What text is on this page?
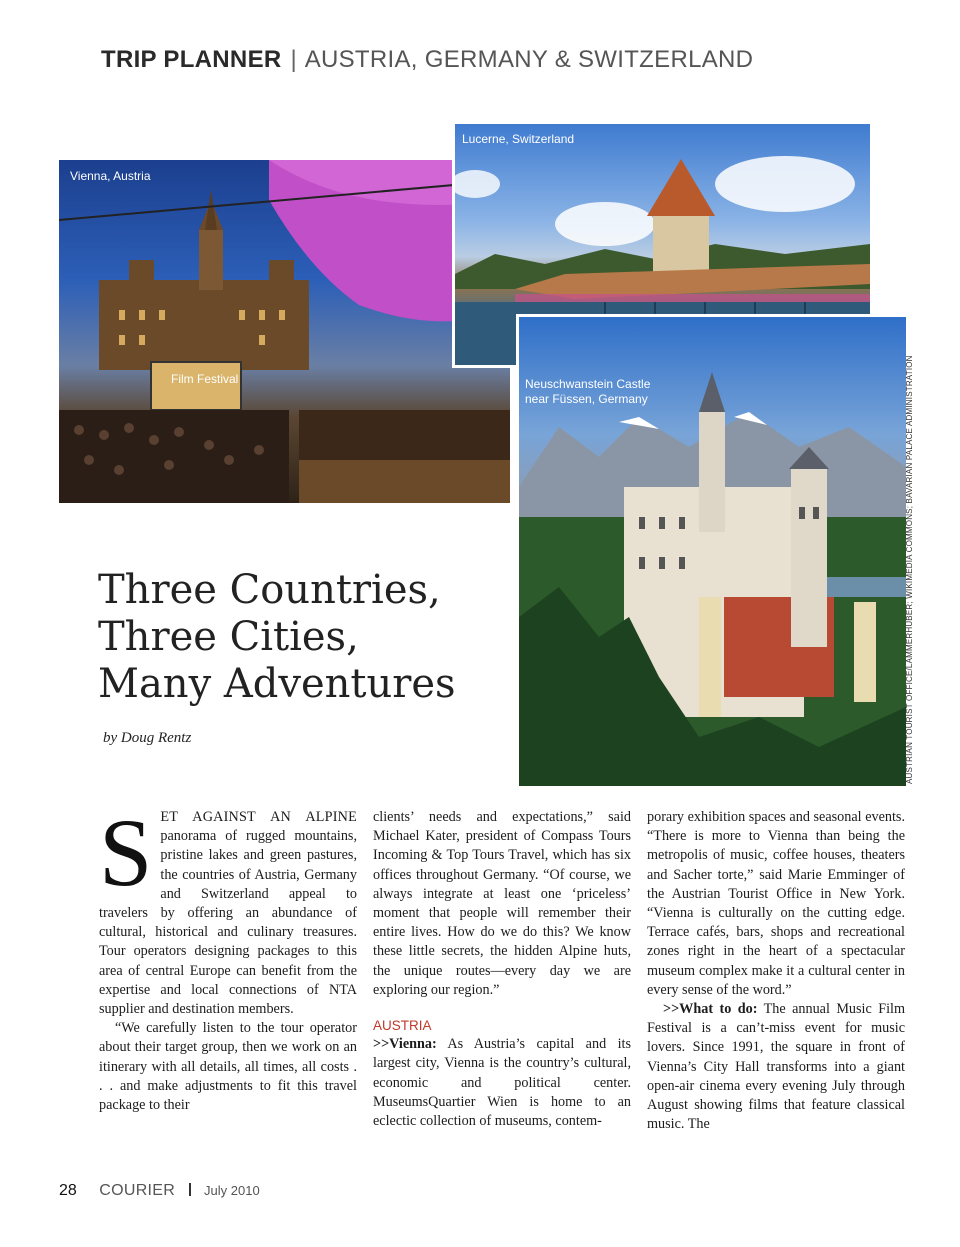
TRIP PLANNER | AUSTRIA, GERMANY & SWITZERLAND
Vienna, Austria
Film Festival
Lucerne, Switzerland
Neuschwanstein Castle
near Füssen, Germany	AUSTRIAN TOURIST OFFICE/LAMMERHUBER; WIKIMEDIA COMMONS; BAVARIAN PALACE ADMINISTRATION
Three Countries,
Three Cities,
Many Adventures
by Doug Rentz

SET AGAINST AN ALPINE panorama of rugged mountains, pristine lakes and green pastures, the countries of Austria, Germany and Switzerland appeal to travelers by offering an abundance of cultural, historical and culinary treasures. Tour operators designing packages to this area of central Europe can benefit from the expertise and local connections of NTA supplier and destination members.

“We carefully listen to the tour operator about their target group, then we work on an itinerary with all details, all times, all costs . . . and make adjustments to fit this travel package to their

clients’ needs and expectations,” said Michael Kater, president of Compass Tours Incoming & Top Tours Travel, which has six offices throughout Germany. “Of course, we always integrate at least one ‘priceless’ moment that people will remember their entire lives. How do we do this? We know these little secrets, the hidden Alpine huts, the unique routes—every day we are exploring our region.”

AUSTRIA

>>Vienna: As Austria’s capital and its largest city, Vienna is the country’s cultural, economic and political center. MuseumsQuartier Wien is home to an eclectic collection of museums, contem-

porary exhibition spaces and seasonal events. “There is more to Vienna than being the metropolis of music, coffee houses, theaters and Sacher torte,” said Marie Emminger of the Austrian Tourist Office in New York. “Vienna is culturally on the cutting edge. Terrace cafés, bars, shops and recreational zones right in the heart of a spectacular museum complex make it a cultural center in every sense of the word.”

>>What to do: The annual Music Film Festival is a can’t-miss event for music lovers. Since 1991, the square in front of Vienna’s City Hall transforms into a giant open-air cinema every evening July through August showing films that feature classical music. The

28 COURIER July 2010
